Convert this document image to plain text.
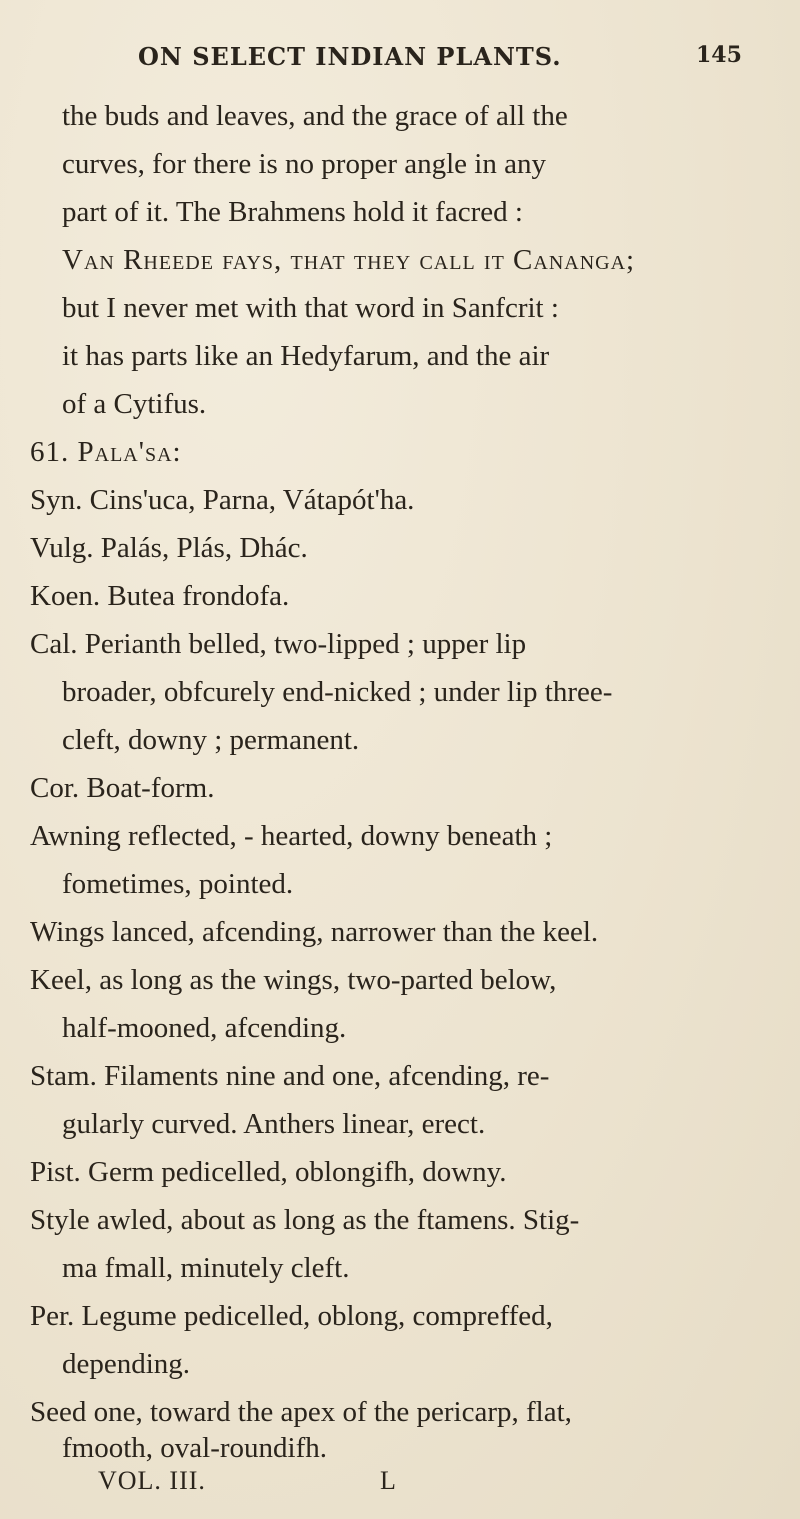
ON SELECT INDIAN PLANTS.	145
the buds and leaves, and the grace of all the
curves, for there is no proper angle in any
part of it. The Brahmens hold it facred :
Van Rheede fays, that they call it Cananga;
but I never met with that word in Sanfcrit :
it has parts like an Hedyfarum, and the air
of a Cytifus.
61. Pala'sa:
Syn. Cins'uca, Parna, Vátapót'ha.
Vulg. Palás, Plás, Dhác.
Koen. Butea frondofa.
Cal. Perianth belled, two-lipped ; upper lip
broader, obfcurely end-nicked ; under lip three-
cleft, downy ; permanent.
Cor. Boat-form.
Awning reflected, - hearted, downy beneath ;
fometimes, pointed.
Wings lanced, afcending, narrower than the keel.
Keel, as long as the wings, two-parted below,
half-mooned, afcending.
Stam. Filaments nine and one, afcending, re-
gularly curved. Anthers linear, erect.
Pist. Germ pedicelled, oblongifh, downy.
Style awled, about as long as the ftamens. Stig-
ma fmall, minutely cleft.
Per. Legume pedicelled, oblong, compreffed,
depending.
Seed one, toward the apex of the pericarp, flat,
fmooth, oval-roundifh.
VOL. III.	L
